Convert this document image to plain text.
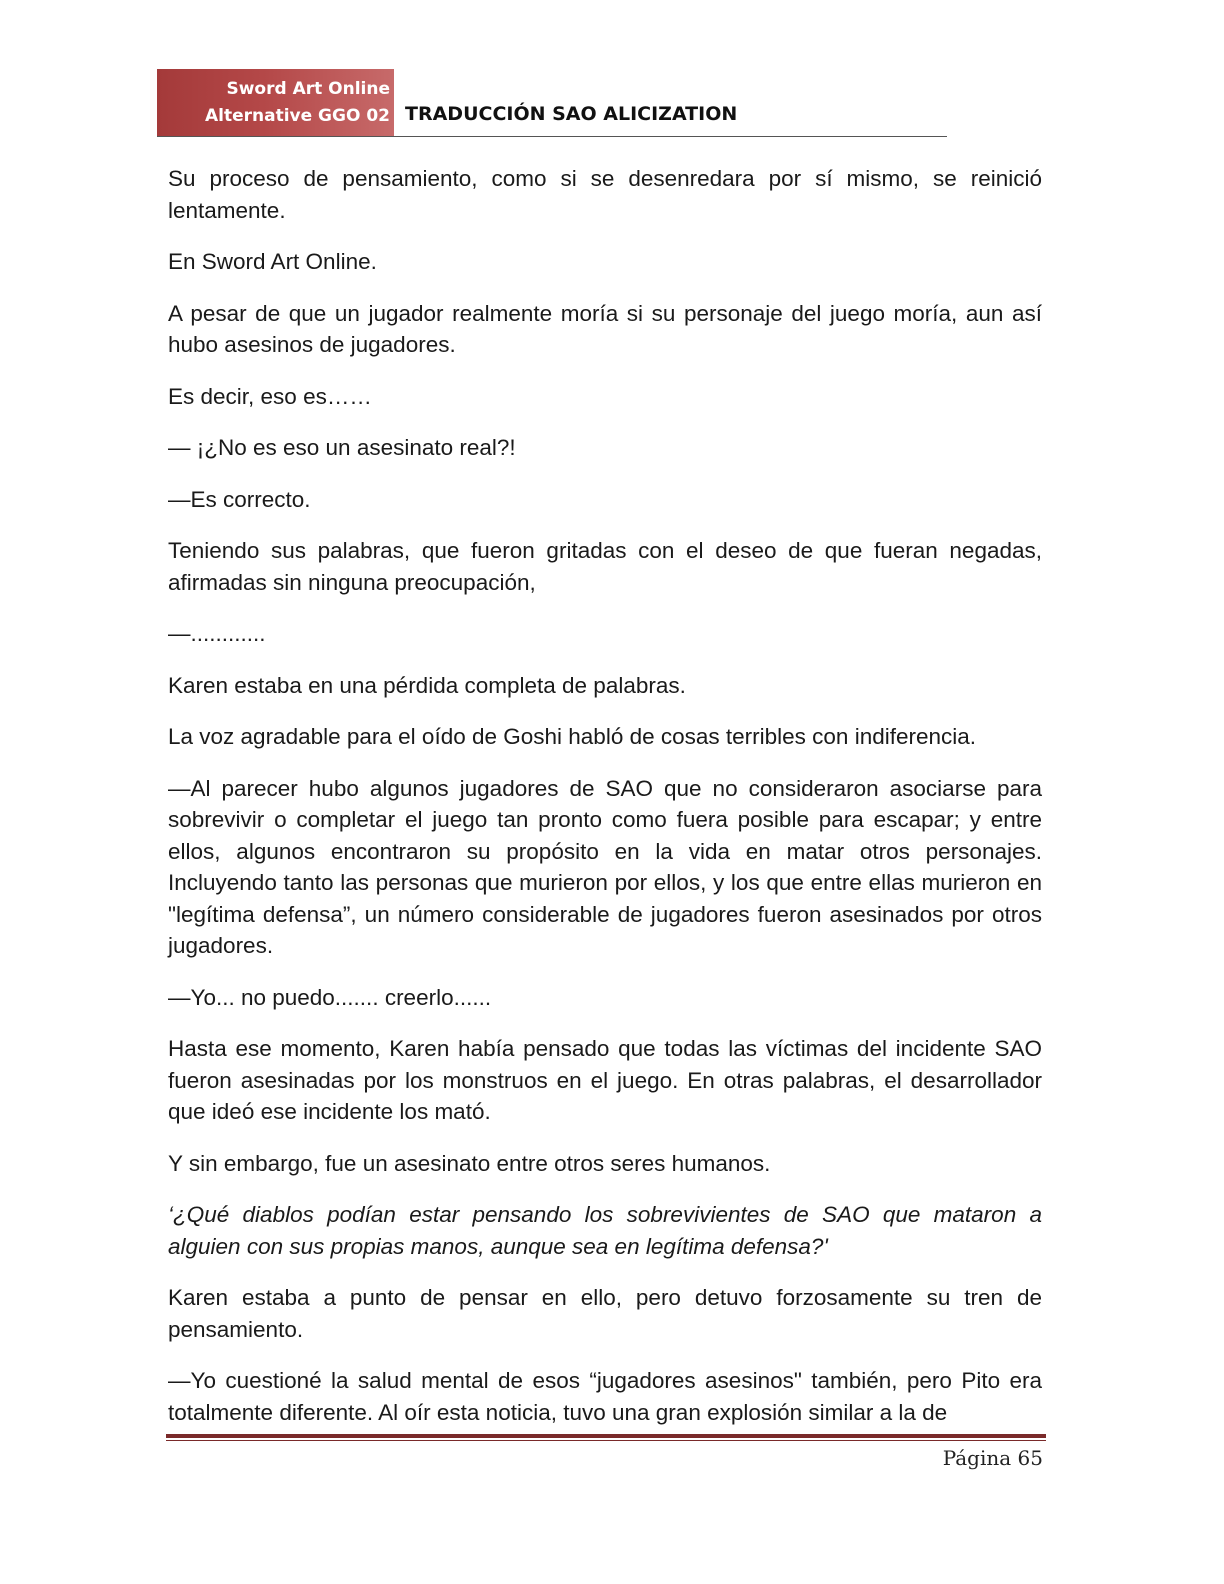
Sword Art Online
Alternative GGO 02 TRADUCCIÓN SAO ALICIZATION

Su proceso de pensamiento, como si se desenredara por sí mismo, se reinició lentamente.

En Sword Art Online.

A pesar de que un jugador realmente moría si su personaje del juego moría, aun así hubo asesinos de jugadores.

Es decir, eso es……

— ¡¿No es eso un asesinato real?!

—Es correcto.

Teniendo sus palabras, que fueron gritadas con el deseo de que fueran negadas, afirmadas sin ninguna preocupación,

—............

Karen estaba en una pérdida completa de palabras.

La voz agradable para el oído de Goshi habló de cosas terribles con indiferencia.

—Al parecer hubo algunos jugadores de SAO que no consideraron asociarse para sobrevivir o completar el juego tan pronto como fuera posible para escapar; y entre ellos, algunos encontraron su propósito en la vida en matar otros personajes. Incluyendo tanto las personas que murieron por ellos, y los que entre ellas murieron en "legítima defensa”, un número considerable de jugadores fueron asesinados por otros jugadores.

—Yo... no puedo....... creerlo......

Hasta ese momento, Karen había pensado que todas las víctimas del incidente SAO fueron asesinadas por los monstruos en el juego. En otras palabras, el desarrollador que ideó ese incidente los mató.

Y sin embargo, fue un asesinato entre otros seres humanos.

‘¿Qué diablos podían estar pensando los sobrevivientes de SAO que mataron a alguien con sus propias manos, aunque sea en legítima defensa?'

Karen estaba a punto de pensar en ello, pero detuvo forzosamente su tren de pensamiento.

—Yo cuestioné la salud mental de esos “jugadores asesinos" también, pero Pito era totalmente diferente. Al oír esta noticia, tuvo una gran explosión similar a la de

Página 65
